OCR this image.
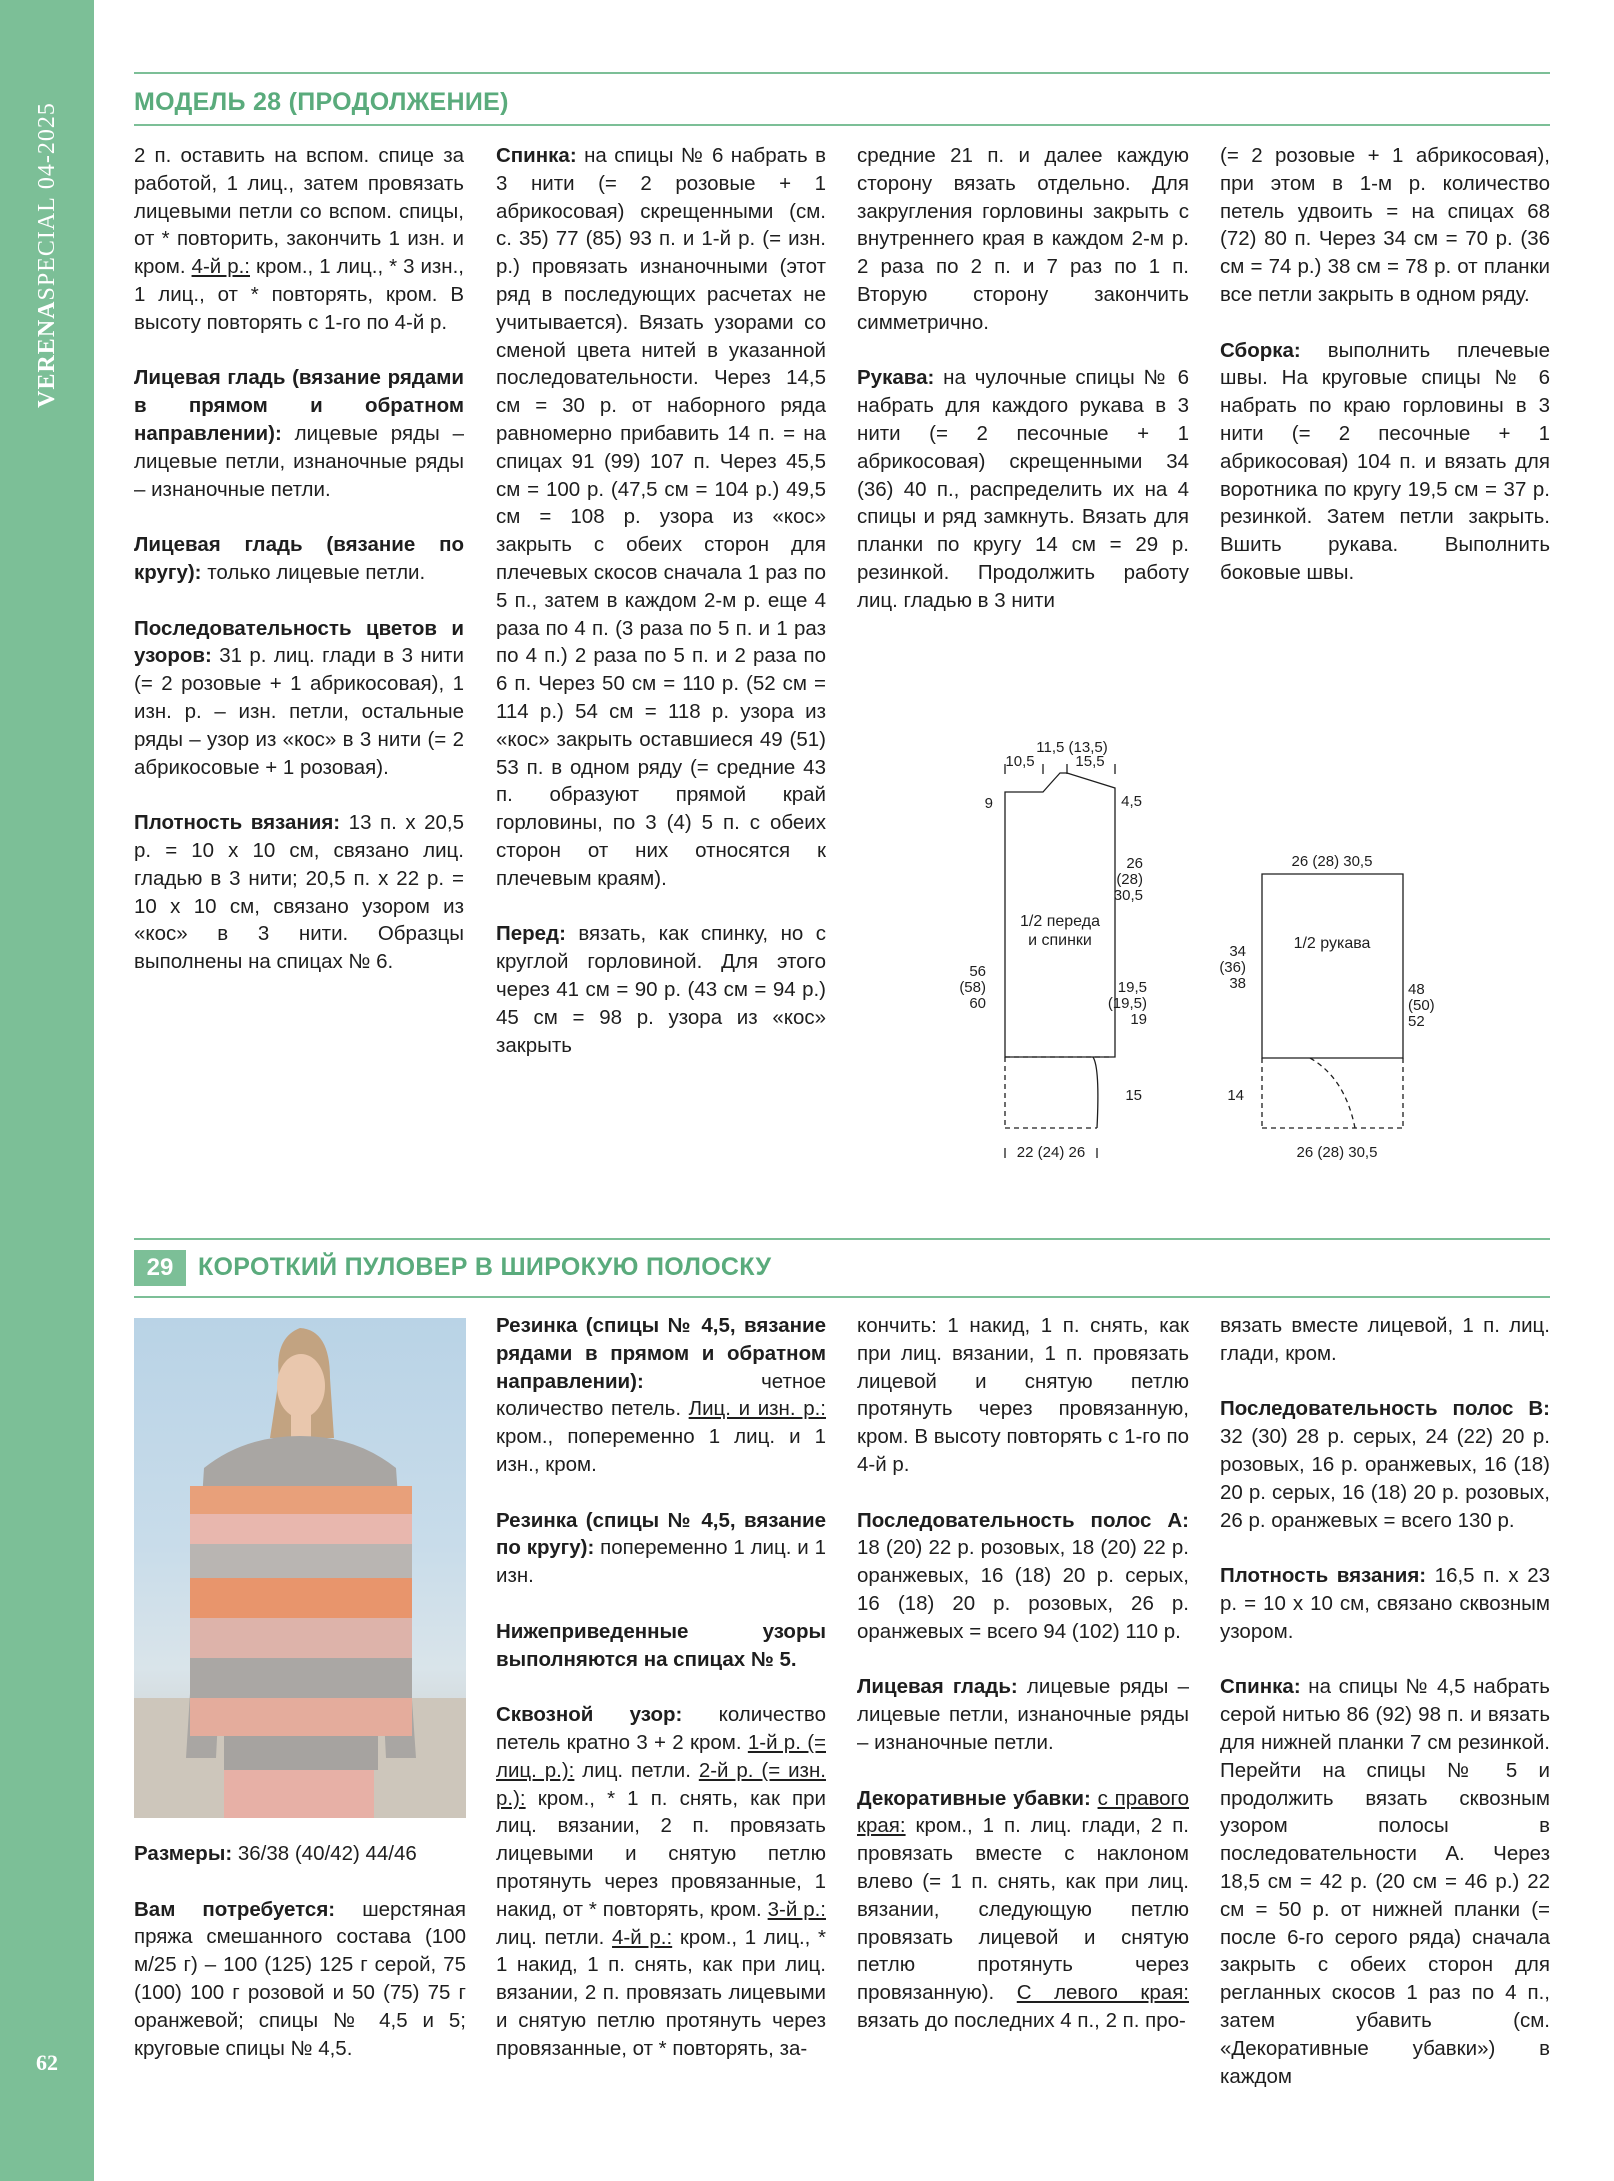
VERENASPECIAL 04-2025
62
МОДЕЛЬ 28 (ПРОДОЛЖЕНИЕ)

2 п. оставить на вспом. спице за работой, 1 лиц., затем провязать лицевыми петли со вспом. спицы, от * повторить, закончить 1 изн. и кром. 4-й р.: кром., 1 лиц., * 3 изн., 1 лиц., от * повторять, кром. В высоту повторять с 1-го по 4-й р.

Лицевая гладь (вязание рядами в прямом и обратном направлении): лицевые ряды – лицевые петли, изнаночные ряды – изнаночные петли.

Лицевая гладь (вязание по кругу): только лицевые петли.

Последовательность цветов и узоров: 31 р. лиц. глади в 3 нити (= 2 розовые + 1 абрикосовая), 1 изн. р. – изн. петли, остальные ряды – узор из «кос» в 3 нити (= 2 абрикосовые + 1 розовая).

Плотность вязания: 13 п. x 20,5 р. = 10 x 10 см, связано лиц. гладью в 3 нити; 20,5 п. x 22 р. = 10 x 10 см, связано узором из «кос» в 3 нити. Образцы выполнены на спицах № 6.

Спинка: на спицы № 6 набрать в 3 нити (= 2 розовые + 1 абрикосовая) скрещенными (см. с. 35) 77 (85) 93 п. и 1-й р. (= изн. р.) провязать изнаночными (этот ряд в последующих расчетах не учитывается). Вязать узорами со сменой цвета нитей в указанной последовательности. Через 14,5 см = 30 р. от наборного ряда равномерно прибавить 14 п. = на спицах 91 (99) 107 п. Через 45,5 см = 100 р. (47,5 см = 104 р.) 49,5 см = 108 р. узора из «кос» закрыть с обеих сторон для плечевых скосов сначала 1 раз по 5 п., затем в каждом 2-м р. еще 4 раза по 4 п. (3 раза по 5 п. и 1 раз по 4 п.) 2 раза по 5 п. и 2 раза по 6 п. Через 50 см = 110 р. (52 см = 114 р.) 54 см = 118 р. узора из «кос» закрыть оставшиеся 49 (51) 53 п. в одном ряду (= средние 43 п. образуют прямой край горловины, по 3 (4) 5 п. с обеих сторон от них относятся к плечевым краям).

Перед: вязать, как спинку, но с круглой горловиной. Для этого через 41 см = 90 р. (43 см = 94 р.) 45 см = 98 р. узора из «кос» закрыть

средние 21 п. и далее каждую сторону вязать отдельно. Для закругления горловины закрыть с внутреннего края в каждом 2-м р. 2 раза по 2 п. и 7 раз по 1 п. Вторую сторону закончить симметрично.

Рукава: на чулочные спицы № 6 набрать для каждого рукава в 3 нити (= 2 песочные + 1 абрикосовая) скрещенными 34 (36) 40 п., распределить их на 4 спицы и ряд замкнуть. Вязать для планки по кругу 14 см = 29 р. резинкой. Продолжить работу лиц. гладью в 3 нити

(= 2 розовые + 1 абрикосовая), при этом в 1-м р. количество петель удвоить = на спицах 68 (72) 80 п. Через 34 см = 70 р. (36 см = 74 р.) 38 см = 78 р. от планки все петли закрыть в одном ряду.

Сборка: выполнить плечевые швы. На круговые спицы № 6 набрать по краю горловины в 3 нити (= 2 песочные + 1 абрикосовая) 104 п. и вязать для воротника по кругу 19,5 см = 37 р. резинкой. Затем петли закрыть. Вшить рукава. Выполнить боковые швы.

10,5
11,5 (13,5)
15,5
9	4,5
26
(28)
30,5
1/2 переда
и спинки
56
(58)
60
19,5
(19,5)
19
15
22 (24) 26
26 (28) 30,5
1/2 рукава
34
(36)
38	48
(50)
52
14
26 (28) 30,5
29 КОРОТКИЙ ПУЛОВЕР В ШИРОКУЮ ПОЛОСКУ

Размеры: 36/38 (40/42) 44/46

Вам потребуется: шерстяная пряжа смешанного состава (100 м/25 г) – 100 (125) 125 г серой, 75 (100) 100 г розовой и 50 (75) 75 г оранжевой; спицы № 4,5 и 5; круговые спицы № 4,5.

Резинка (спицы № 4,5, вязание рядами в прямом и обратном направлении):	четное количество петель. Лиц. и изн. р.: кром., попеременно 1 лиц. и 1 изн., кром.

Резинка (спицы № 4,5, вязание по кругу): попеременно 1 лиц. и 1 изн.

Нижеприведенные узоры выполняются на спицах № 5.

Сквозной узор: количество петель кратно 3 + 2 кром. 1-й р. (= лиц. р.): лиц. петли. 2-й р. (= изн. р.): кром., * 1 п. снять, как при лиц. вязании, 2 п. провязать лицевыми и снятую петлю протянуть через провязанные, 1 накид, от * повторять, кром. 3-й р.: лиц. петли. 4-й р.: кром., 1 лиц., * 1 накид, 1 п. снять, как при лиц. вязании, 2 п. провязать лицевыми и снятую петлю протянуть через провязанные, от * повторять, за-

кончить: 1 накид, 1 п. снять, как при лиц. вязании, 1 п. провязать лицевой и снятую петлю протянуть через провязанную, кром. В высоту повторять с 1-го по 4-й р.

Последовательность полос A: 18 (20) 22 р. розовых, 18 (20) 22 р. оранжевых, 16 (18) 20 р. серых, 16 (18) 20 р. розовых, 26 р. оранжевых = всего 94 (102) 110 р.

Лицевая гладь: лицевые ряды – лицевые петли, изнаночные ряды – изнаночные петли.

Декоративные убавки: с правого края: кром., 1 п. лиц. глади, 2 п. провязать вместе с наклоном влево (= 1 п. снять, как при лиц. вязании, следующую петлю провязать лицевой и снятую петлю протянуть через провязанную). С левого края: вязать до последних 4 п., 2 п. про-

вязать вместе лицевой, 1 п. лиц. глади, кром.

Последовательность полос B: 32 (30) 28 р. серых, 24 (22) 20 р. розовых, 16 р. оранжевых, 16 (18) 20 р. серых, 16 (18) 20 р. розовых, 26 р. оранжевых = всего 130 р.

Плотность вязания: 16,5 п. x 23 р. = 10 x 10 см, связано сквозным узором.

Спинка: на спицы № 4,5 набрать серой нитью 86 (92) 98 п. и вязать для нижней планки 7 см резинкой. Перейти на спицы № 5 и продолжить вязать сквозным узором полосы в последовательности A. Через 18,5 см = 42 р. (20 см = 46 р.) 22 см = 50 р. от нижней планки (= после 6-го серого ряда) сначала закрыть с обеих сторон для регланных скосов 1 раз по 4 п., затем убавить (см. «Декоративные убавки») в каждом
